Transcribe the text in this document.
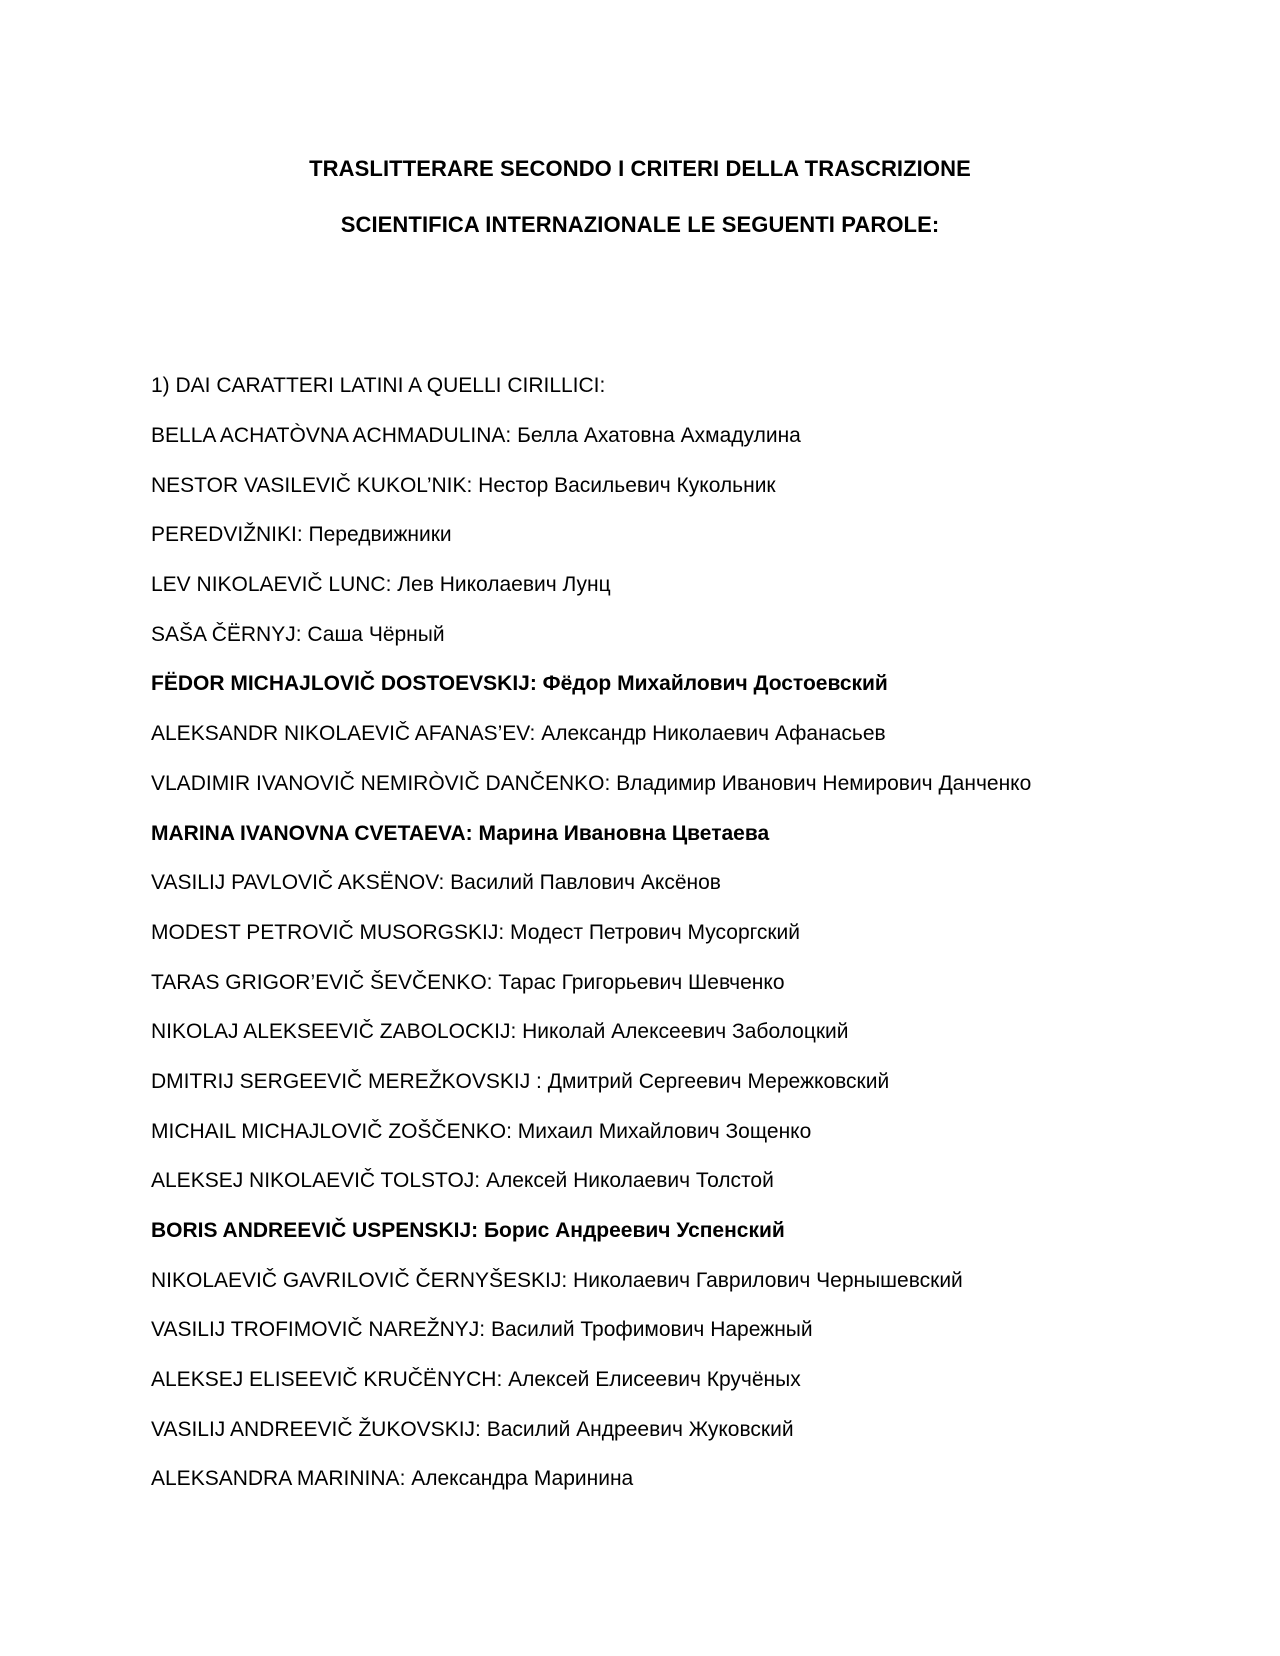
TRASLITTERARE SECONDO I CRITERI DELLA TRASCRIZIONE
SCIENTIFICA INTERNAZIONALE LE SEGUENTI PAROLE:
1) DAI CARATTERI LATINI A QUELLI CIRILLICI:
BELLA ACHATÒVNA ACHMADULINA: Белла Ахатовна Ахмадулина
NESTOR VASILEVIČ KUKOL’NIK: Нестор Васильевич Кукольник
PEREDVIŽNIKI: Передвижники
LEV NIKOLAEVIČ LUNC: Лев Николаевич Лунц
SAŠA ČËRNYJ: Саша Чёрный
FËDOR MICHAJLOVIČ DOSTOEVSKIJ: Фёдор Михайлович Достоевский
ALEKSANDR NIKOLAEVIČ AFANAS’EV: Александр Николаевич Афанасьев
VLADIMIR IVANOVIČ NEMIRÒVIČ DANČENKO: Владимир Иванович Немирович Данченко
MARINA IVANOVNA CVETAEVA: Марина Ивановна Цветаева
VASILIJ PAVLOVIČ AKSËNOV: Василий Павлович Аксёнов
MODEST PETROVIČ MUSORGSKIJ: Модест Петрович Мусоргский
TARAS GRIGOR’EVIČ ŠEVČENKO: Тарас Григорьевич Шевченко
NIKOLAJ ALEKSEEVIČ ZABOLOCKIJ: Николай Алексеевич Заболоцкий
DMITRIJ SERGEEVIČ MEREŽKOVSKIJ : Дмитрий Сергеевич Мережковский
MICHAIL MICHAJLOVIČ ZOŠČENKO: Михаил Михайлович Зощенко
ALEKSEJ NIKOLAEVIČ TOLSTOJ: Алексей Николаевич Толстой
BORIS ANDREEVIČ USPENSKIJ: Борис Андреевич Успенский
NIKOLAEVIČ GAVRILOVIČ ČERNYŠESKIJ: Николаевич Гаврилович Чернышевский
VASILIJ TROFIMOVIČ NAREŽNYJ: Василий Трофимович Нарежный
ALEKSEJ ELISEEVIČ KRUČËNYCH: Алексей Елисеевич Кручёных
VASILIJ ANDREEVIČ ŽUKOVSKIJ: Василий Андреевич Жуковский
ALEKSANDRA MARININA: Александра Маринина
